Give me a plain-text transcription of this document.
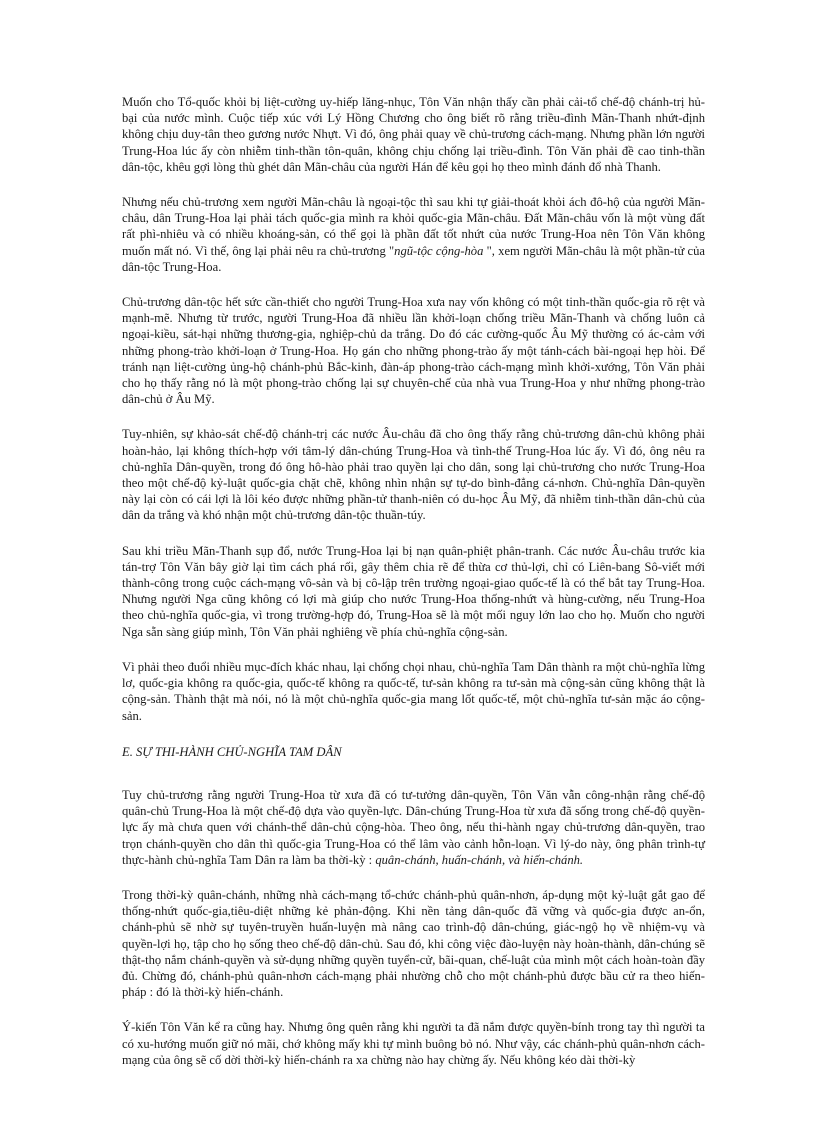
Muốn cho Tổ-quốc khỏi bị liệt-cường uy-hiếp lăng-nhục, Tôn Văn nhận thấy cần phải cải-tổ chế-độ chánh-trị hủ-bại của nước mình. Cuộc tiếp xúc với Lý Hồng Chương cho ông biết rõ rằng triều-đình Mãn-Thanh nhứt-định không chịu duy-tân theo gương nước Nhựt. Vì đó, ông phải quay về chủ-trương cách-mạng. Nhưng phần lớn người Trung-Hoa lúc ấy còn nhiễm tinh-thần tôn-quân, không chịu chống lại triều-đình. Tôn Văn phải đề cao tinh-thần dân-tộc, khêu gợi lòng thù ghét dân Mãn-châu của người Hán để kêu gọi họ theo mình đánh đổ nhà Thanh.

Nhưng nếu chủ-trương xem người Mãn-châu là ngoại-tộc thì sau khi tự giải-thoát khỏi ách đô-hộ của người Mãn-châu, dân Trung-Hoa lại phải tách quốc-gia mình ra khỏi quốc-gia Mãn-châu. Đất Mãn-châu vốn là một vùng đất rất phì-nhiêu và có nhiều khoáng-sản, có thể gọi là phần đất tốt nhứt của nước Trung-Hoa nên Tôn Văn không muốn mất nó. Vì thế, ông lại phải nêu ra chủ-trương "ngũ-tộc cộng-hòa ", xem người Mãn-châu là một phần-tử của dân-tộc Trung-Hoa.

Chủ-trương dân-tộc hết sức cần-thiết cho người Trung-Hoa xưa nay vốn không có một tinh-thần quốc-gia rõ rệt và mạnh-mẽ. Nhưng từ trước, người Trung-Hoa đã nhiều lần khởi-loạn chống triều Mãn-Thanh và chống luôn cả ngoại-kiều, sát-hại những thương-gia, nghiệp-chủ da trắng. Do đó các cường-quốc Âu Mỹ thường có ác-cảm với những phong-trào khởi-loạn ở Trung-Hoa. Họ gán cho những phong-trào ấy một tánh-cách bài-ngoại hẹp hòi. Để tránh nạn liệt-cường ủng-hộ chánh-phủ Bắc-kinh, đàn-áp phong-trào cách-mạng mình khởi-xướng, Tôn Văn phải cho họ thấy rằng nó là một phong-trào chống lại sự chuyên-chế của nhà vua Trung-Hoa y như những phong-trào dân-chủ ở Âu Mỹ.

Tuy-nhiên, sự khảo-sát chế-độ chánh-trị các nước Âu-châu đã cho ông thấy rằng chủ-trương dân-chủ không phải hoàn-hảo, lại không thích-hợp với tâm-lý dân-chúng Trung-Hoa và tình-thế Trung-Hoa lúc ấy. Vì đó, ông nêu ra chủ-nghĩa Dân-quyền, trong đó ông hô-hào phải trao quyền lại cho dân, song lại chủ-trương cho nước Trung-Hoa theo một chế-độ kỷ-luật quốc-gia chặt chẽ, không nhìn nhận sự tự-do bình-đẳng cá-nhơn. Chủ-nghĩa Dân-quyền này lại còn có cái lợi là lôi kéo được những phần-tử thanh-niên có du-học Âu Mỹ, đã nhiễm tinh-thần dân-chủ của dân da trắng và khó nhận một chủ-trương dân-tộc thuần-túy.

Sau khi triều Mãn-Thanh sụp đổ, nước Trung-Hoa lại bị nạn quân-phiệt phân-tranh. Các nước Âu-châu trước kia tán-trợ Tôn Văn bây giờ lại tìm cách phá rối, gây thêm chia rẽ để thừa cơ thủ-lợi, chỉ có Liên-bang Sô-viết mới thành-công trong cuộc cách-mạng vô-sản và bị cô-lập trên trường ngoại-giao quốc-tế là có thể bắt tay Trung-Hoa. Nhưng người Nga cũng không có lợi mà giúp cho nước Trung-Hoa thống-nhứt và hùng-cường, nếu Trung-Hoa theo chủ-nghĩa quốc-gia, vì trong trường-hợp đó, Trung-Hoa sẽ là một mối nguy lớn lao cho họ. Muốn cho người Nga sẵn sàng giúp mình, Tôn Văn phải nghiêng về phía chủ-nghĩa cộng-sản.

Vì phải theo đuổi nhiều mục-đích khác nhau, lại chống chọi nhau, chủ-nghĩa Tam Dân thành ra một chủ-nghĩa lừng lơ, quốc-gia không ra quốc-gia, quốc-tế không ra quốc-tế, tư-sản không ra tư-sản mà cộng-sản cũng không thật là cộng-sản. Thành thật mà nói, nó là một chủ-nghĩa quốc-gia mang lốt quốc-tế, một chủ-nghĩa tư-sản mặc áo cộng-sản.

E. SỰ THI-HÀNH CHỦ-NGHĨA TAM DÂN

Tuy chủ-trương rằng người Trung-Hoa từ xưa đã có tư-tưởng dân-quyền, Tôn Văn vẫn công-nhận rằng chế-độ quân-chủ Trung-Hoa là một chế-độ dựa vào quyền-lực. Dân-chúng Trung-Hoa từ xưa đã sống trong chế-độ quyền-lực ấy mà chưa quen với chánh-thể dân-chủ cộng-hòa. Theo ông, nếu thi-hành ngay chủ-trương dân-quyền, trao trọn chánh-quyền cho dân thì quốc-gia Trung-Hoa có thể lâm vào cảnh hỗn-loạn. Vì lý-do này, ông phân trình-tự thực-hành chủ-nghĩa Tam Dân ra làm ba thời-kỳ : quân-chánh, huấn-chánh, và hiến-chánh.

Trong thời-kỳ quân-chánh, những nhà cách-mạng tổ-chức chánh-phủ quân-nhơn, áp-dụng một kỷ-luật gắt gao để thống-nhứt quốc-gia,tiêu-diệt những kẻ phản-động. Khi nền tảng dân-quốc đã vững và quốc-gia được an-ổn, chánh-phủ sẽ nhờ sự tuyên-truyền huấn-luyện mà nâng cao trình-độ dân-chúng, giác-ngộ họ về nhiệm-vụ và quyền-lợi họ, tập cho họ sống theo chế-độ dân-chủ. Sau đó, khi công việc đào-luyện này hoàn-thành, dân-chúng sẽ thật-thọ nắm chánh-quyền và sử-dụng những quyền tuyển-cử, bãi-quan, chế-luật của mình một cách hoàn-toàn đầy đủ. Chừng đó, chánh-phủ quân-nhơn cách-mạng phải nhường chỗ cho một chánh-phủ được bầu cử ra theo hiến-pháp : đó là thời-kỳ hiến-chánh.

Ý-kiến Tôn Văn kể ra cũng hay. Nhưng ông quên rằng khi người ta đã nắm được quyền-bính trong tay thì người ta có xu-hướng muốn giữ nó mãi, chớ không mấy khi tự mình buông bỏ nó. Như vậy, các chánh-phủ quân-nhơn cách-mạng của ông sẽ cố dời thời-kỳ hiến-chánh ra xa chừng nào hay chừng ấy. Nếu không kéo dài thời-kỳ
